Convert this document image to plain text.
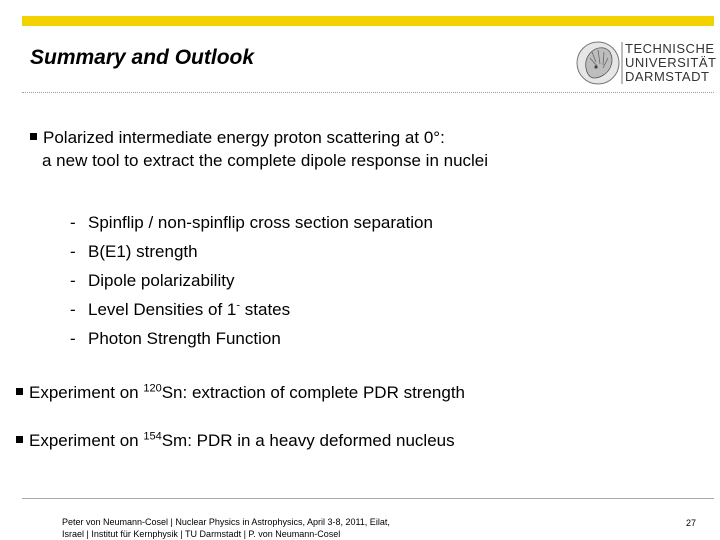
Summary and Outlook	TECHNISCHE
UNIVERSITÄT
DARMSTADT
Polarized intermediate energy proton scattering at 0°:
a new tool to extract the complete dipole response in nuclei
- Spinflip / non-spinflip cross section separation
- B(E1) strength
- Dipole polarizability
- Level Densities of 1- states
- Photon Strength Function
Experiment on $^{120}$Sn: extraction of complete PDR strength
Experiment on $^{154}$Sm: PDR in a heavy deformed nucleus
Peter von Neumann-Cosel | Nuclear Physics in Astrophysics, April 3-8, 2011, Eilat,
Israel | Institut für Kernphysik | TU Darmstadt | P. von Neumann-Cosel
27
